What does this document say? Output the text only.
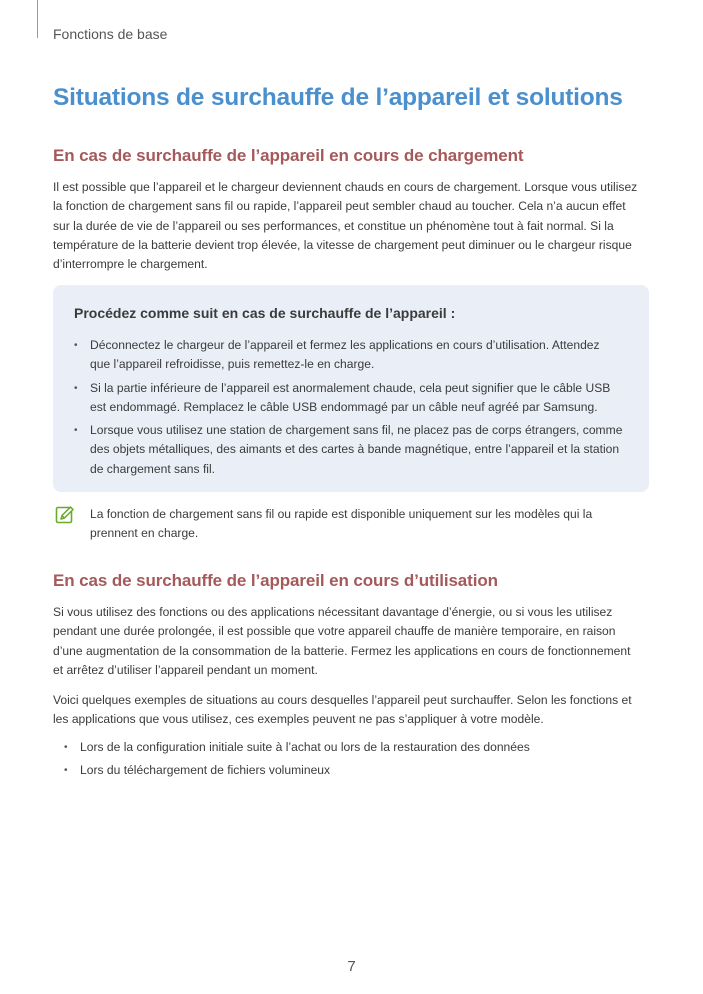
Fonctions de base
Situations de surchauffe de l’appareil et solutions
En cas de surchauffe de l’appareil en cours de chargement
Il est possible que l’appareil et le chargeur deviennent chauds en cours de chargement. Lorsque vous utilisez
la fonction de chargement sans fil ou rapide, l’appareil peut sembler chaud au toucher. Cela n’a aucun effet
sur la durée de vie de l’appareil ou ses performances, et constitue un phénomène tout à fait normal. Si la
température de la batterie devient trop élevée, la vitesse de chargement peut diminuer ou le chargeur risque
d’interrompre le chargement.
Procédez comme suit en cas de surchauffe de l’appareil :
• Déconnectez le chargeur de l’appareil et fermez les applications en cours d’utilisation. Attendez
que l’appareil refroidisse, puis remettez-le en charge.
• Si la partie inférieure de l’appareil est anormalement chaude, cela peut signifier que le câble USB
est endommagé. Remplacez le câble USB endommagé par un câble neuf agréé par Samsung.
• Lorsque vous utilisez une station de chargement sans fil, ne placez pas de corps étrangers, comme
des objets métalliques, des aimants et des cartes à bande magnétique, entre l’appareil et la station
de chargement sans fil.
La fonction de chargement sans fil ou rapide est disponible uniquement sur les modèles qui la
prennent en charge.
En cas de surchauffe de l’appareil en cours d’utilisation
Si vous utilisez des fonctions ou des applications nécessitant davantage d’énergie, ou si vous les utilisez
pendant une durée prolongée, il est possible que votre appareil chauffe de manière temporaire, en raison
d’une augmentation de la consommation de la batterie. Fermez les applications en cours de fonctionnement
et arrêtez d’utiliser l’appareil pendant un moment.
Voici quelques exemples de situations au cours desquelles l’appareil peut surchauffer. Selon les fonctions et
les applications que vous utilisez, ces exemples peuvent ne pas s’appliquer à votre modèle.
• Lors de la configuration initiale suite à l’achat ou lors de la restauration des données
• Lors du téléchargement de fichiers volumineux
7
